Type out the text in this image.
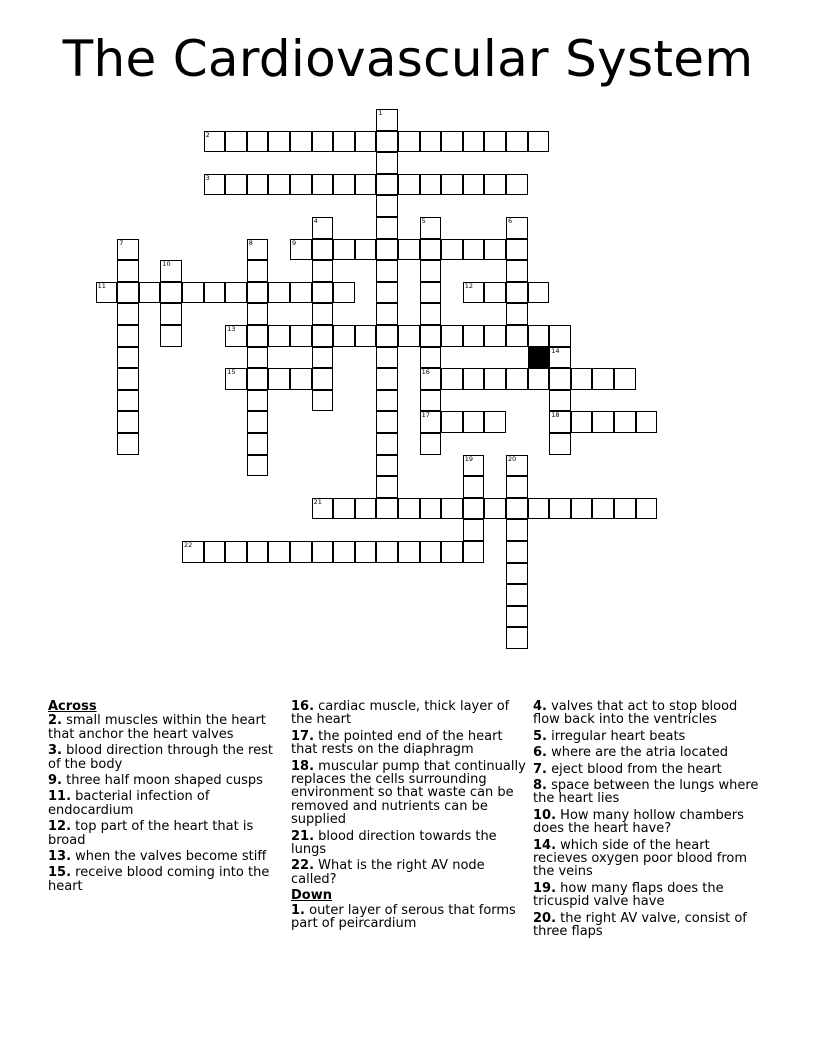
The Cardiovascular System
1
2
3
4	5
16
17
6
7	8	9
10
11	12
13
14
18
15
19	20
21
22
Across
2. small muscles within the heart that anchor the heart valves
3. blood direction through the rest of the body
9. three half moon shaped cusps
11. bacterial infection of endocardium
12. top part of the heart that is broad
13. when the valves become stiff
15. receive blood coming into the heart
16. cardiac muscle, thick layer of the heart
17. the pointed end of the heart that rests on the diaphragm
18. muscular pump that continually replaces the cells surrounding environment so that waste can be removed and nutrients can be supplied
21. blood direction towards the lungs
22. What is the right AV node called?
Down
1. outer layer of serous that forms part of peircardium
4. valves that act to stop blood flow back into the ventricles
5. irregular heart beats
6. where are the atria located
7. eject blood from the heart
8. space between the lungs where the heart lies
10. How many hollow chambers does the heart have?
14. which side of the heart recieves oxygen poor blood from the veins
19. how many flaps does the tricuspid valve have
20. the right AV valve, consist of three flaps
